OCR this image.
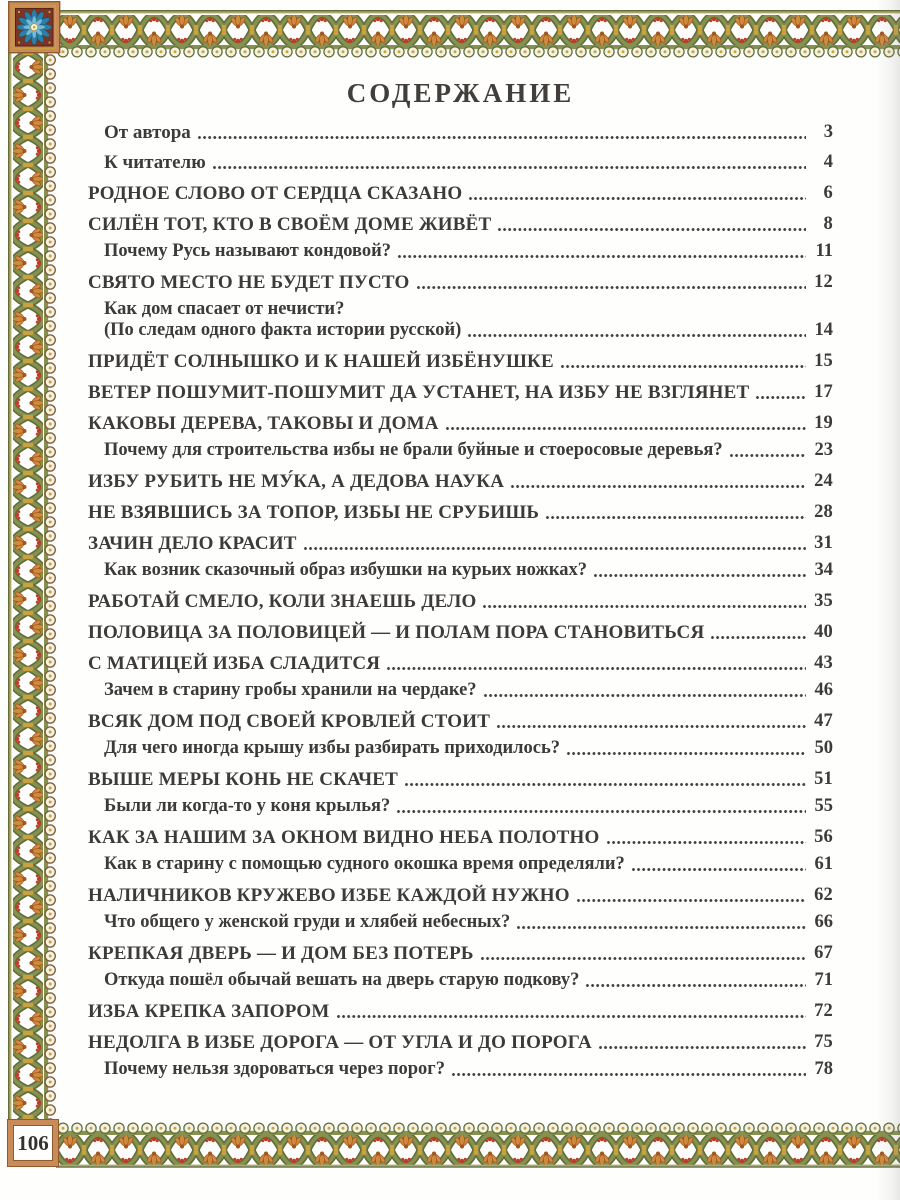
106
СОДЕРЖАНИЕ
От автора	3
К читателю	4
РОДНОЕ СЛОВО ОТ СЕРДЦА СКАЗАНО	6
СИЛЁН ТОТ, КТО В СВОЁМ ДОМЕ ЖИВЁТ	8
Почему Русь называют кондовой?	11
СВЯТО МЕСТО НЕ БУДЕТ ПУСТО	12
Как дом спасает от нечисти?
(По следам одного факта истории русской)	14
ПРИДЁТ СОЛНЫШКО И К НАШЕЙ ИЗБЁНУШКЕ	15
ВЕТЕР ПОШУМИТ-ПОШУМИТ ДА УСТАНЕТ, НА ИЗБУ НЕ ВЗГЛЯНЕТ	17
КАКОВЫ ДЕРЕВА, ТАКОВЫ И ДОМА	19
Почему для строительства избы не брали буйные и стоеросовые деревья?	23
ИЗБУ РУБИТЬ НЕ МУ́КА, А ДЕДОВА НАУКА	24
НЕ ВЗЯВШИСЬ ЗА ТОПОР, ИЗБЫ НЕ СРУБИШЬ	28
ЗАЧИН ДЕЛО КРАСИТ	31
Как возник сказочный образ избушки на курьих ножках?	34
РАБОТАЙ СМЕЛО, КОЛИ ЗНАЕШЬ ДЕЛО	35
ПОЛОВИЦА ЗА ПОЛОВИЦЕЙ — И ПОЛАМ ПОРА СТАНОВИТЬСЯ	40
С МАТИЦЕЙ ИЗБА СЛАДИТСЯ	43
Зачем в старину гробы хранили на чердаке?	46
ВСЯК ДОМ ПОД СВОЕЙ КРОВЛЕЙ СТОИТ	47
Для чего иногда крышу избы разбирать приходилось?	50
ВЫШЕ МЕРЫ КОНЬ НЕ СКАЧЕТ	51
Были ли когда-то у коня крылья?	55
КАК ЗА НАШИМ ЗА ОКНОМ ВИДНО НЕБА ПОЛОТНО	56
Как в старину с помощью судного окошка время определяли?	61
НАЛИЧНИКОВ КРУЖЕВО ИЗБЕ КАЖДОЙ НУЖНО	62
Что общего у женской груди и хлябей небесных?	66
КРЕПКАЯ ДВЕРЬ — И ДОМ БЕЗ ПОТЕРЬ	67
Откуда пошёл обычай вешать на дверь старую подкову?	71
ИЗБА КРЕПКА ЗАПОРОМ	72
НЕДОЛГА В ИЗБЕ ДОРОГА — ОТ УГЛА И ДО ПОРОГА	75
Почему нельзя здороваться через порог?	78
